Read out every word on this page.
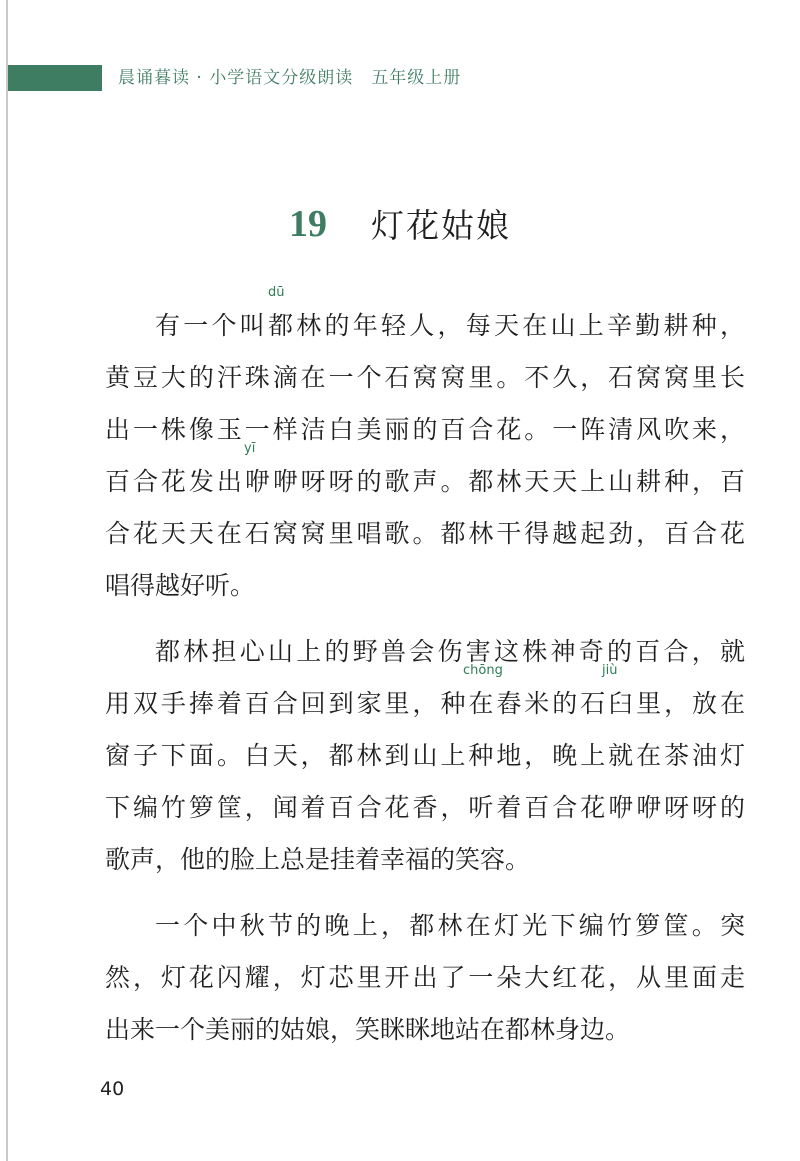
晨诵暮读 · 小学语文分级朗读 五年级上册
19 灯花姑娘
dū
有一个叫都林的年轻人，每天在山上辛勤耕种，
黄豆大的汗珠滴在一个石窝窝里。不久，石窝窝里长
出一株像玉一样洁白美丽的百合花。一阵清风吹来，
yī
百合花发出咿咿呀呀的歌声。都林天天上山耕种，百
合花天天在石窝窝里唱歌。都林干得越起劲，百合花
唱得越好听。
都林担心山上的野兽会伤害这株神奇的百合，就
chōng	jiù
用双手捧着百合回到家里，种在舂米的石臼里，放在
窗子下面。白天，都林到山上种地，晚上就在茶油灯
下编竹箩筐，闻着百合花香，听着百合花咿咿呀呀的
歌声，他的脸上总是挂着幸福的笑容。
一个中秋节的晚上，都林在灯光下编竹箩筐。突
然，灯花闪耀，灯芯里开出了一朵大红花，从里面走
出来一个美丽的姑娘，笑眯眯地站在都林身边。
40
